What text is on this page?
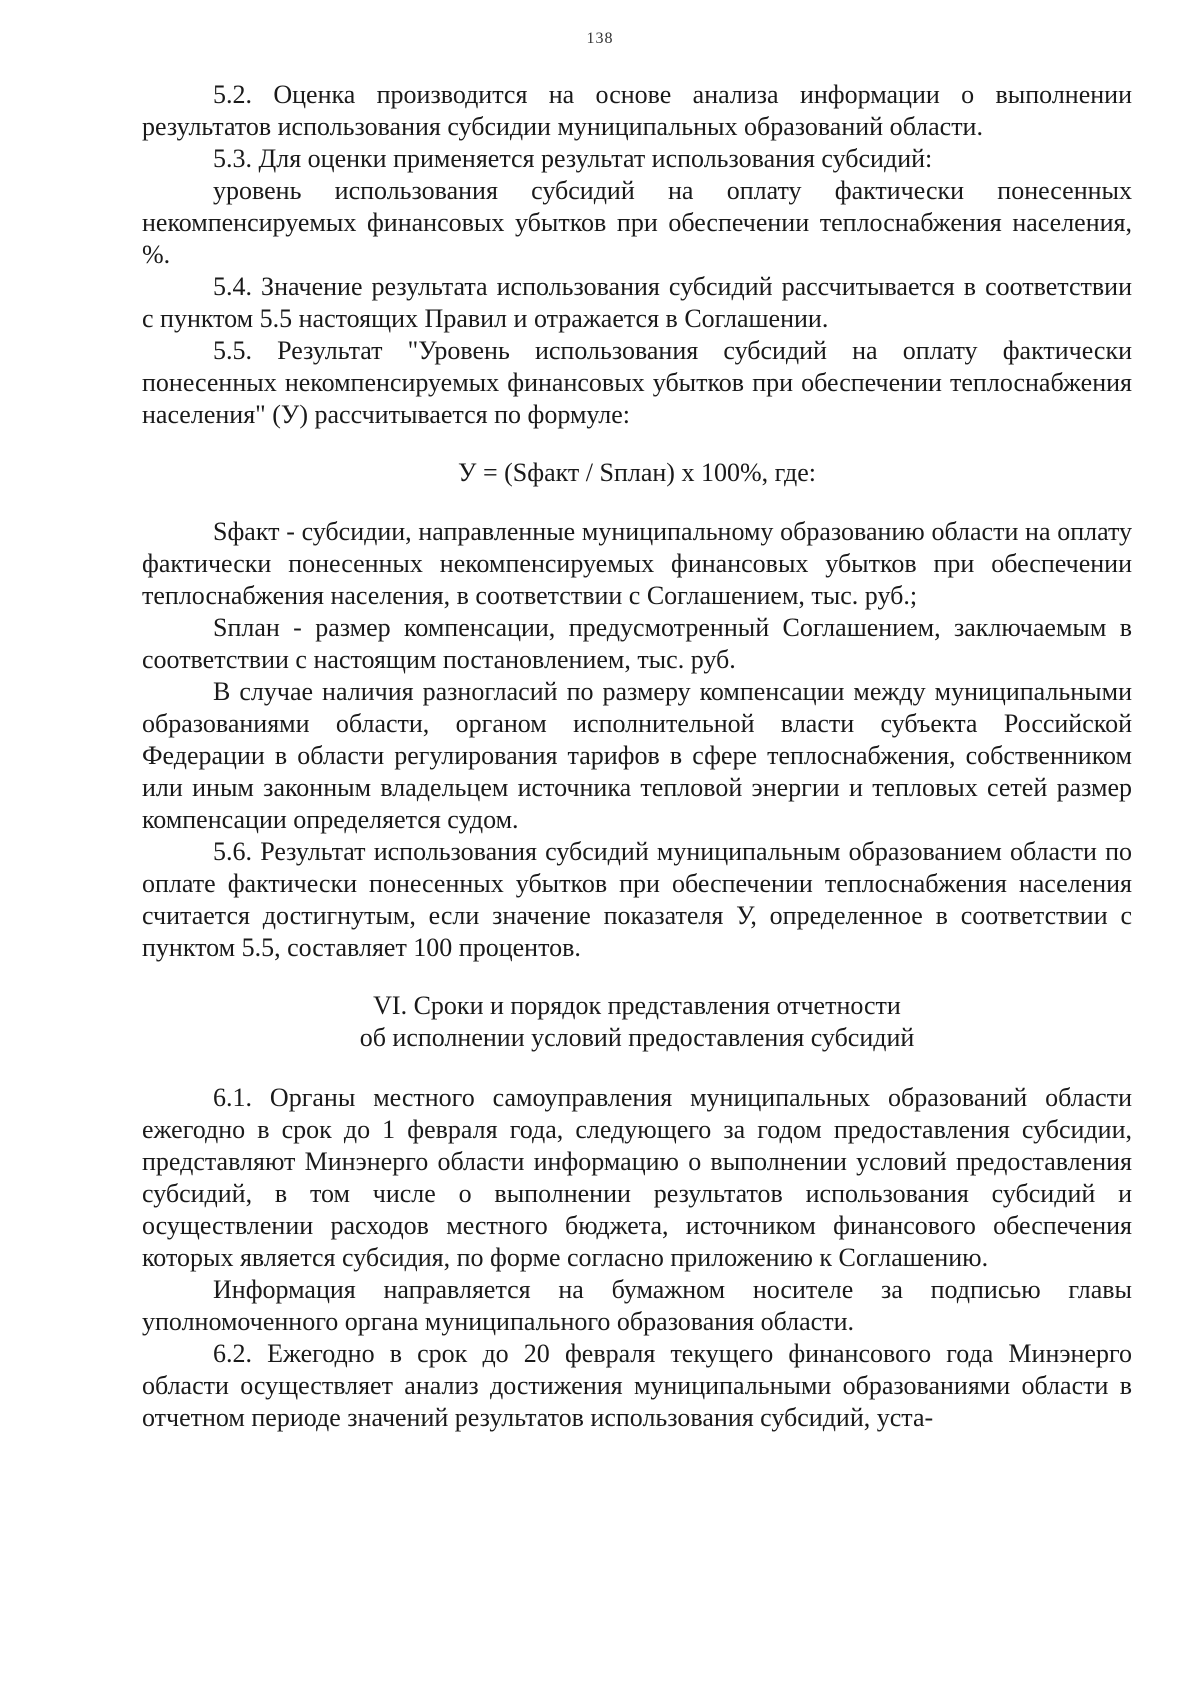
138

5.2. Оценка производится на основе анализа информации о выполнении результатов использования субсидии муниципальных образований области.

5.3. Для оценки применяется результат использования субсидий:

уровень использования субсидий на оплату фактически понесенных некомпенсируемых финансовых убытков при обеспечении теплоснабжения населения, %.

5.4. Значение результата использования субсидий рассчитывается в соответствии с пунктом 5.5 настоящих Правил и отражается в Соглашении.

5.5. Результат "Уровень использования субсидий на оплату фактически понесенных некомпенсируемых финансовых убытков при обеспечении теплоснабжения населения" (У) рассчитывается по формуле:

У = (Sфакт / Sплан) х 100%, где:

Sфакт - субсидии, направленные муниципальному образованию области на оплату фактически понесенных некомпенсируемых финансовых убытков при обеспечении теплоснабжения населения, в соответствии с Соглашением, тыс. руб.;

Sплан - размер компенсации, предусмотренный Соглашением, заключаемым в соответствии с настоящим постановлением, тыс. руб.

В случае наличия разногласий по размеру компенсации между муниципальными образованиями области, органом исполнительной власти субъекта Российской Федерации в области регулирования тарифов в сфере теплоснабжения, собственником или иным законным владельцем источника тепловой энергии и тепловых сетей размер компенсации определяется судом.

5.6. Результат использования субсидий муниципальным образованием области по оплате фактически понесенных убытков при обеспечении теплоснабжения населения считается достигнутым, если значение показателя У, определенное в соответствии с пунктом 5.5, составляет 100 процентов.

VI. Сроки и порядок представления отчетности
об исполнении условий предоставления субсидий

6.1. Органы местного самоуправления муниципальных образований области ежегодно в срок до 1 февраля года, следующего за годом предоставления субсидии, представляют Минэнерго области информацию о выполнении условий предоставления субсидий, в том числе о выполнении результатов использования субсидий и осуществлении расходов местного бюджета, источником финансового обеспечения которых является субсидия, по форме согласно приложению к Соглашению.

Информация направляется на бумажном носителе за подписью главы уполномоченного органа муниципального образования области.

6.2. Ежегодно в срок до 20 февраля текущего финансового года Минэнерго области осуществляет анализ достижения муниципальными образованиями области в отчетном периоде значений результатов использования субсидий, уста-
